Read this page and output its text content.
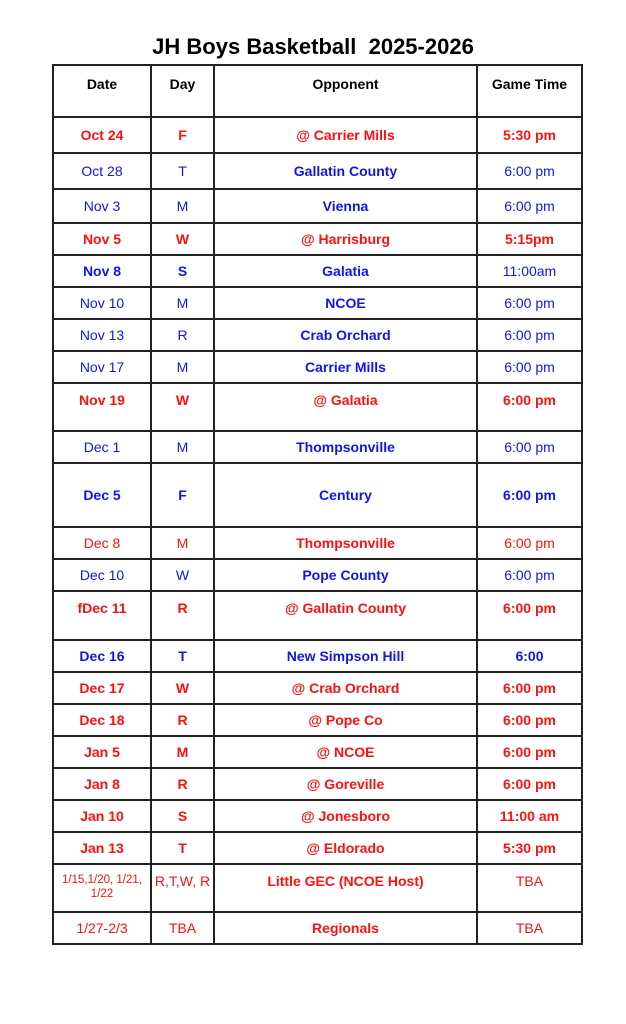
JH Boys Basketball  2025-2026
Date	Day	Opponent	Game Time
Oct 24	F	@ Carrier Mills	5:30 pm
Oct 28	T	Gallatin County	6:00 pm
Nov 3	M	Vienna	6:00 pm
Nov 5	W	@ Harrisburg	5:15pm
Nov 8	S	Galatia	11:00am
Nov 10	M	NCOE	6:00 pm
Nov 13	R	Crab Orchard	6:00 pm
Nov 17	M	Carrier Mills	6:00 pm
Nov 19	W	@ Galatia	6:00 pm
Dec 1	M	Thompsonville	6:00 pm
Dec 5	F	Century	6:00 pm
Dec 8	M	Thompsonville	6:00 pm
Dec 10	W	Pope County	6:00 pm
fDec 11	R	@ Gallatin County	6:00 pm
Dec 16	T	New Simpson Hill	6:00
Dec 17	W	@ Crab Orchard	6:00 pm
Dec 18	R	@ Pope Co	6:00 pm
Jan 5	M	@ NCOE	6:00 pm
Jan 8	R	@ Goreville	6:00 pm
Jan 10	S	@ Jonesboro	11:00 am
Jan 13	T	@ Eldorado	5:30 pm
1/15,1/20, 1/21, 1/22	R,T,W, R	Little GEC (NCOE Host)	TBA
1/27-2/3	TBA	Regionals	TBA
